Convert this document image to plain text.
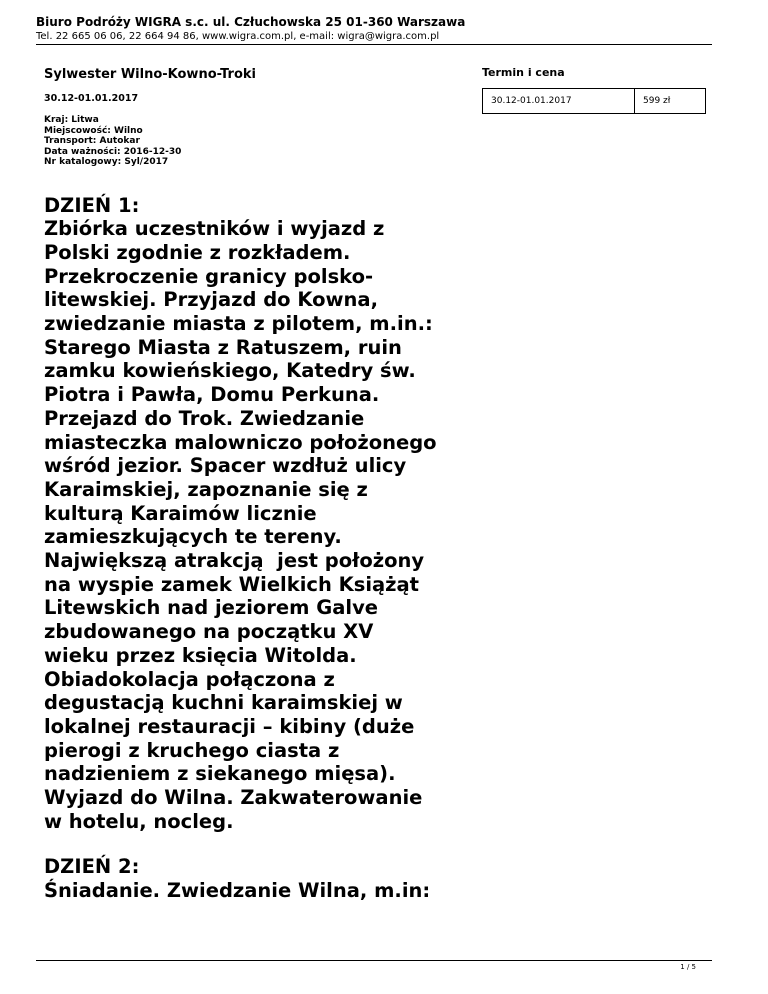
Biuro Podróży WIGRA s.c. ul. Człuchowska 25 01-360 Warszawa
Tel. 22 665 06 06, 22 664 94 86, www.wigra.com.pl, e-mail: wigra@wigra.com.pl
Sylwester Wilno-Kowno-Troki
30.12-01.01.2017
Kraj: Litwa
Miejscowość: Wilno
Transport: Autokar
Data ważności: 2016-12-30
Nr katalogowy: Syl/2017
DZIEŃ 1:
Zbiórka uczestników i wyjazd z
Polski zgodnie z rozkładem.
Przekroczenie granicy polsko-
litewskiej. Przyjazd do Kowna,
zwiedzanie miasta z pilotem, m.in.:
Starego Miasta z Ratuszem, ruin
zamku kowieńskiego, Katedry św.
Piotra i Pawła, Domu Perkuna.
Przejazd do Trok. Zwiedzanie
miasteczka malowniczo położonego
wśród jezior. Spacer wzdłuż ulicy
Karaimskiej, zapoznanie się z
kulturą Karaimów licznie
zamieszkujących te tereny.
Największą atrakcją  jest położony
na wyspie zamek Wielkich Książąt
Litewskich nad jeziorem Galve
zbudowanego na początku XV
wieku przez księcia Witolda.
Obiadokolacja połączona z
degustacją kuchni karaimskiej w
lokalnej restauracji – kibiny (duże
pierogi z kruchego ciasta z
nadzieniem z siekanego mięsa).
Wyjazd do Wilna. Zakwaterowanie
w hotelu, nocleg.
DZIEŃ 2:
Śniadanie. Zwiedzanie Wilna, m.in:
Termin i cena
30.12-01.01.2017	599 zł
1 / 5
